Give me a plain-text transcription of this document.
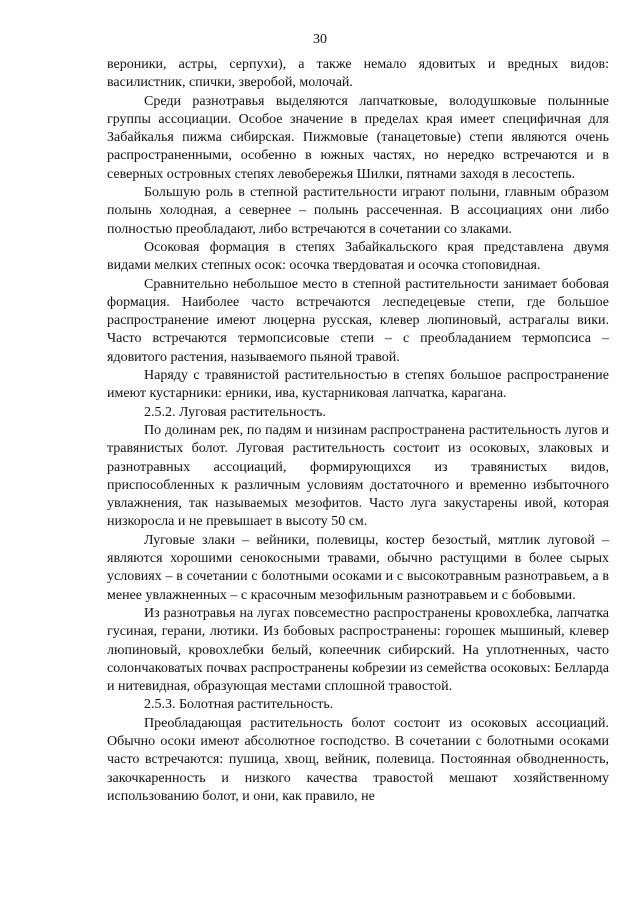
30

вероники, астры, серпухи), а также немало ядовитых и вредных видов: василистник, спички, зверобой, молочай.

Среди разнотравья выделяются лапчатковые, володушковые полынные группы ассоциации. Особое значение в пределах края имеет специфичная для Забайкалья пижма сибирская. Пижмовые (танацетовые) степи являются очень распространенными, особенно в южных частях, но нередко встречаются и в северных островных степях левобережья Шилки, пятнами заходя в лесостепь.

Большую роль в степной растительности играют полыни, главным образом полынь холодная, а севернее – полынь рассеченная. В ассоциациях они либо полностью преобладают, либо встречаются в сочетании со злаками.

Осоковая формация в степях Забайкальского края представлена двумя видами мелких степных осок: осочка твердоватая и осочка стоповидная.

Сравнительно небольшое место в степной растительности занимает бобовая формация. Наиболее часто встречаются леспедецевые степи, где большое распространение имеют люцерна русская, клевер люпиновый, астрагалы вики. Часто встречаются термопсисовые степи – с преобладанием термопсиса – ядовитого растения, называемого пьяной травой.

Наряду с травянистой растительностью в степях большое распространение имеют кустарники: ерники, ива, кустарниковая лапчатка, карагана.

2.5.2. Луговая растительность.

По долинам рек, по падям и низинам распространена растительность лугов и травянистых болот. Луговая растительность состоит из осоковых, злаковых и разнотравных ассоциаций, формирующихся из травянистых видов, приспособленных к различным условиям достаточного и временно избыточного увлажнения, так называемых мезофитов. Часто луга закустарены ивой, которая низкоросла и не превышает в высоту 50 см.

Луговые злаки – вейники, полевицы, костер безостый, мятлик луговой – являются хорошими сенокосными травами, обычно растущими в более сырых условиях – в сочетании с болотными осоками и с высокотравным разнотравьем, а в менее увлажненных – с красочным мезофильным разнотравьем и с бобовыми.

Из разнотравья на лугах повсеместно распространены кровохлебка, лапчатка гусиная, герани, лютики. Из бобовых распространены: горошек мышиный, клевер люпиновый, кровохлебки белый, копеечник сибирский. На уплотненных, часто солончаковатых почвах распространены кобрезии из семейства осоковых: Белларда и нитевидная, образующая местами сплошной травостой.

2.5.3. Болотная растительность.

Преобладающая растительность болот состоит из осоковых ассоциаций. Обычно осоки имеют абсолютное господство. В сочетании с болотными осоками часто встречаются: пушица, хвощ, вейник, полевица. Постоянная обводненность, закочкаренность и низкого качества травостой мешают хозяйственному использованию болот, и они, как правило, не
